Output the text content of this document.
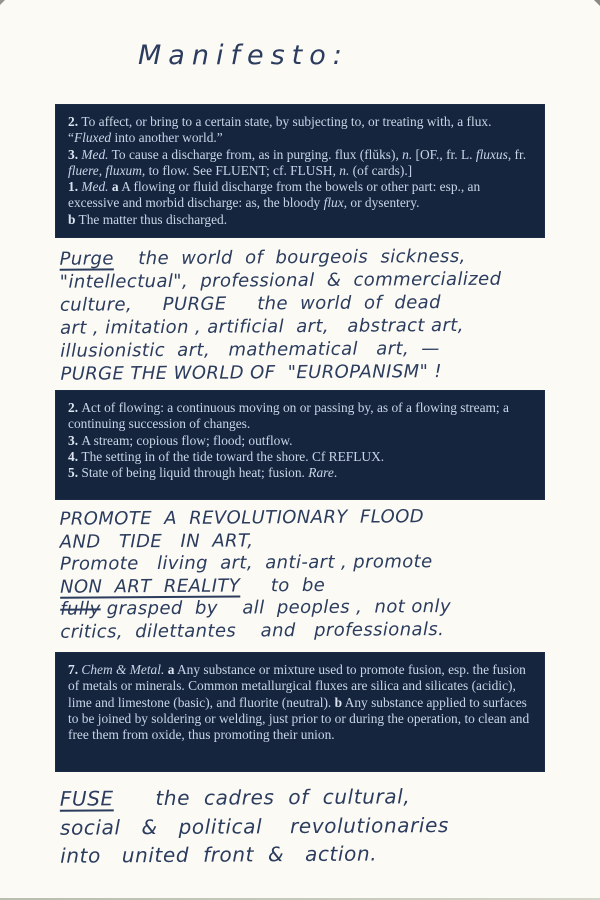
Manifesto:

2. To affect, or bring to a certain state, by subjecting to, or treating with, a flux. “Fluxed into another world.”

3. Med. To cause a discharge from, as in purging. flux (flŭks), n. [OF., fr. L. fluxus, fr. fluere, fluxum, to flow. See FLUENT; cf. FLUSH, n. (of cards).]

1. Med. a A flowing or fluid discharge from the bowels or other part: esp., an excessive and morbid discharge: as, the bloody flux, or dysentery.

b The matter thus discharged.

Purge    the  world  of  bourgeois  sickness,
"intellectual",  professional  &  commercialized
culture,     PURGE     the  world  of  dead
art , imitation , artificial  art,   abstract art,
illusionistic  art,   mathematical   art,  —
PURGE THE WORLD OF  "EUROPANISM" !

2. Act of flowing: a continuous moving on or passing by, as of a flowing stream; a continuing succession of changes.

3. A stream; copious flow; flood; outflow.

4. The setting in of the tide toward the shore. Cf REFLUX.

5. State of being liquid through heat; fusion. Rare.

PROMOTE  A  REVOLUTIONARY  FLOOD
AND   TIDE   IN  ART,
Promote   living  art,  anti-art , promote
NON  ART  REALITY     to  be
fully grasped  by    all  peoples ,  not only
critics,  dilettantes    and   professionals.

7. Chem & Metal. a Any substance or mixture used to promote fusion, esp. the fusion of metals or minerals. Common metallurgical fluxes are silica and silicates (acidic), lime and limestone (basic), and fluorite (neutral). b Any substance applied to surfaces to be joined by soldering or welding, just prior to or during the operation, to clean and free them from oxide, thus promoting their union.

FUSE      the  cadres  of  cultural,
social   &   political    revolutionaries
into   united  front  &   action.
